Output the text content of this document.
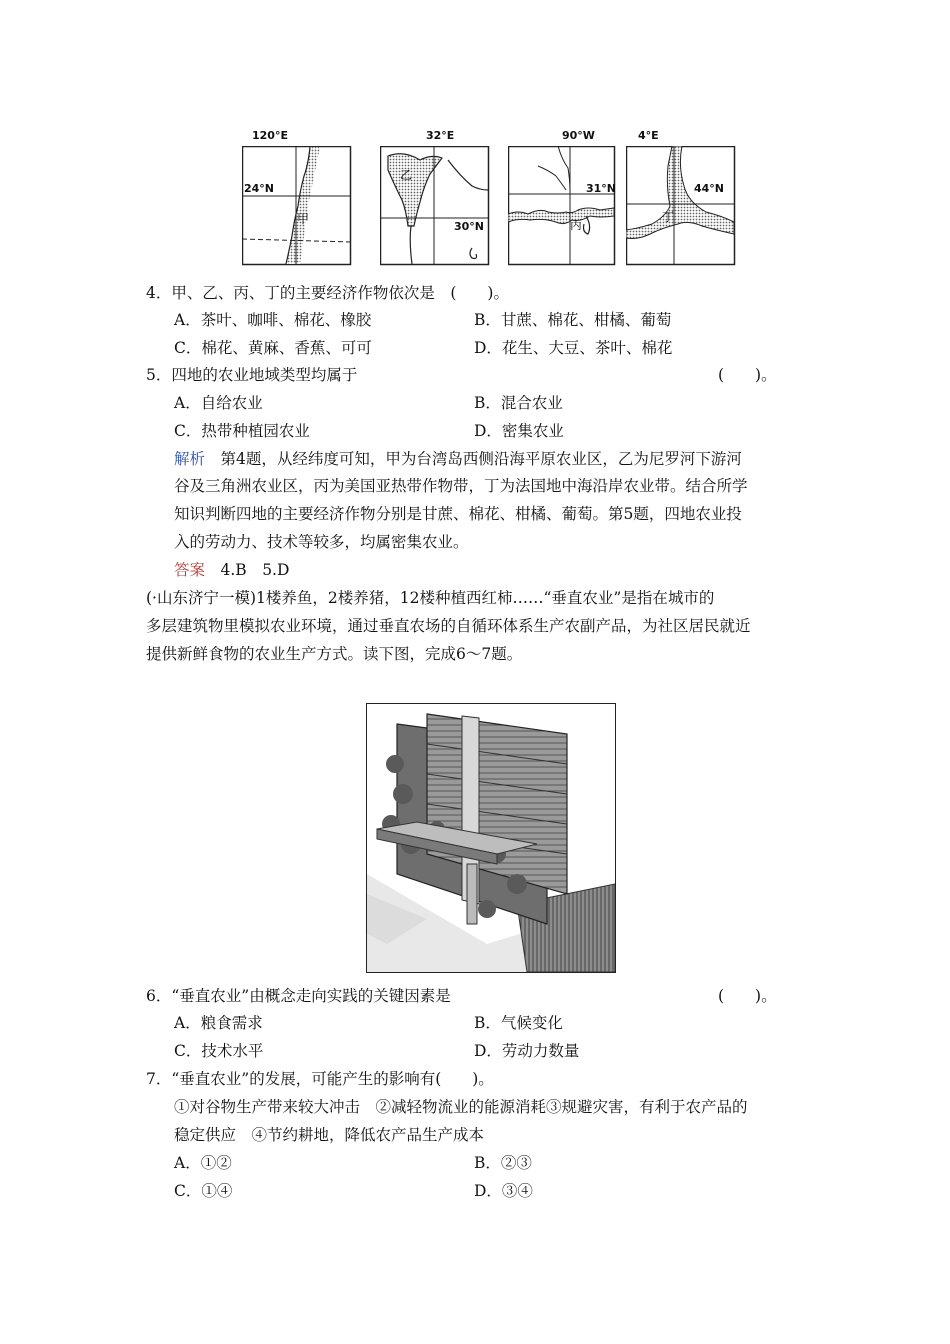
120°E
24°N
甲
32°E
30°N
乙
90°W
31°N
丙
4°E
44°N
丁
4．甲、乙、丙、丁的主要经济作物依次是　(　　)。
A．茶叶、咖啡、棉花、橡胶	B．甘蔗、棉花、柑橘、葡萄
C．棉花、黄麻、香蕉、可可	D．花生、大豆、茶叶、棉花
5．四地的农业地域类型均属于	(　　)。
A．自给农业	B．混合农业
C．热带种植园农业	D．密集农业
解析　第4题，从经纬度可知，甲为台湾岛西侧沿海平原农业区，乙为尼罗河下游河
谷及三角洲农业区，丙为美国亚热带作物带，丁为法国地中海沿岸农业带。结合所学
知识判断四地的主要经济作物分别是甘蔗、棉花、柑橘、葡萄。第5题，四地农业投
入的劳动力、技术等较多，均属密集农业。
答案　4.B　5.D
(·山东济宁一模)1楼养鱼，2楼养猪，12楼种植西红柿……“垂直农业”是指在城市的
多层建筑物里模拟农业环境，通过垂直农场的自循环体系生产农副产品，为社区居民就近
提供新鲜食物的农业生产方式。读下图，完成6～7题。
6．“垂直农业”由概念走向实践的关键因素是	(　　)。
A．粮食需求	B．气候变化
C．技术水平	D．劳动力数量
7．“垂直农业”的发展，可能产生的影响有(　　)。
①对谷物生产带来较大冲击　②减轻物流业的能源消耗③规避灾害，有利于农产品的
稳定供应　④节约耕地，降低农产品生产成本
A．①②	B．②③
C．①④	D．③④
